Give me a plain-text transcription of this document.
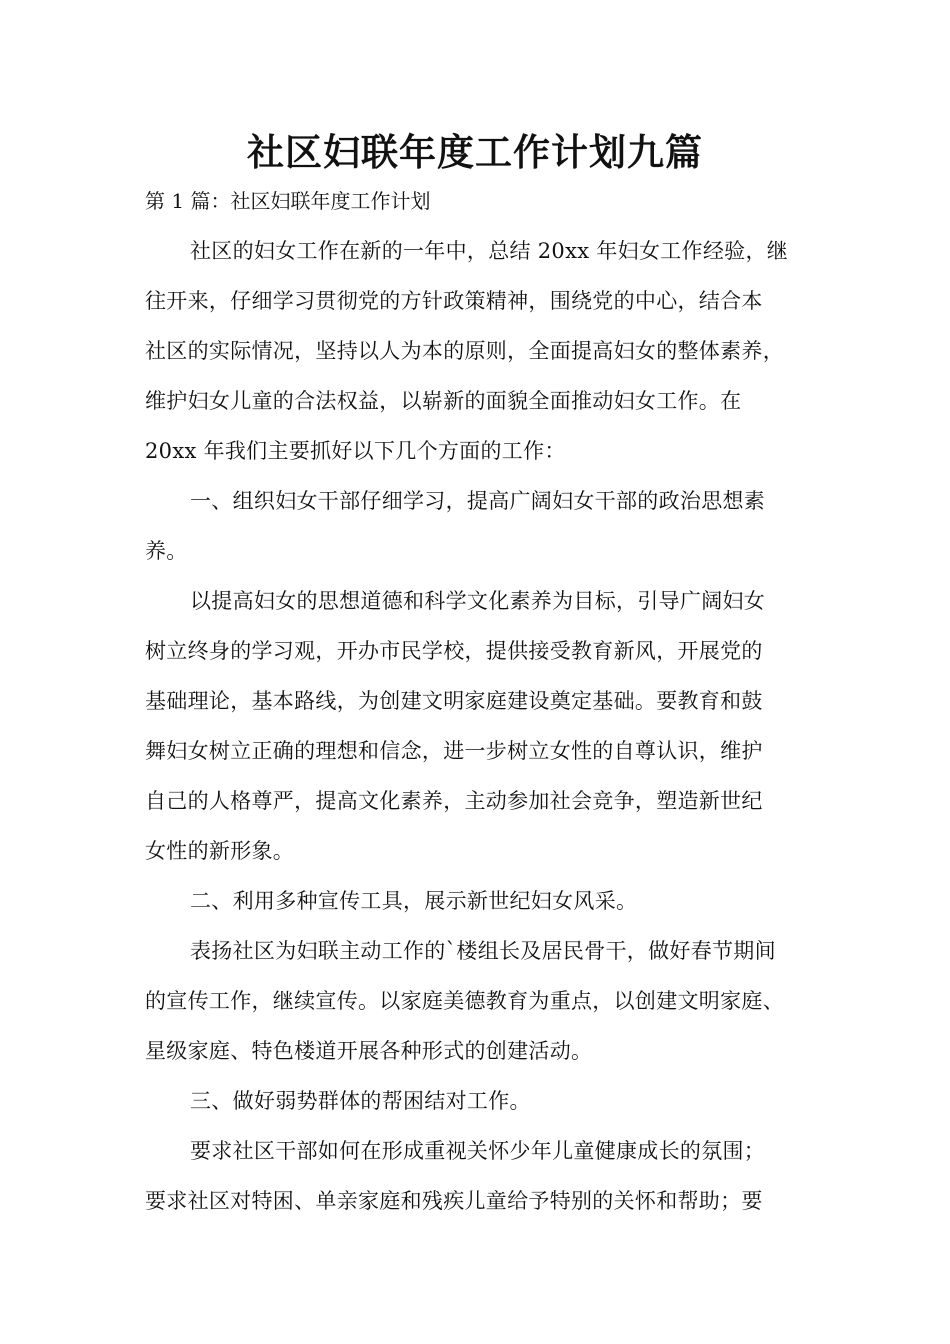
社区妇联年度工作计划九篇

第 1 篇：社区妇联年度工作计划

社区的妇女工作在新的一年中，总结 20xx 年妇女工作经验，继

往开来，仔细学习贯彻党的方针政策精神，围绕党的中心，结合本

社区的实际情况，坚持以人为本的原则，全面提高妇女的整体素养，

维护妇女儿童的合法权益，以崭新的面貌全面推动妇女工作。在

20xx 年我们主要抓好以下几个方面的工作：

一、组织妇女干部仔细学习，提高广阔妇女干部的政治思想素

养。

以提高妇女的思想道德和科学文化素养为目标，引导广阔妇女

树立终身的学习观，开办市民学校，提供接受教育新风，开展党的

基础理论，基本路线，为创建文明家庭建设奠定基础。要教育和鼓

舞妇女树立正确的理想和信念，进一步树立女性的自尊认识，维护

自己的人格尊严，提高文化素养，主动参加社会竞争，塑造新世纪

女性的新形象。

二、利用多种宣传工具，展示新世纪妇女风采。

表扬社区为妇联主动工作的`楼组长及居民骨干，做好春节期间

的宣传工作，继续宣传。以家庭美德教育为重点，以创建文明家庭、

星级家庭、特色楼道开展各种形式的创建活动。

三、做好弱势群体的帮困结对工作。

要求社区干部如何在形成重视关怀少年儿童健康成长的氛围；

要求社区对特困、单亲家庭和残疾儿童给予特别的关怀和帮助；要
